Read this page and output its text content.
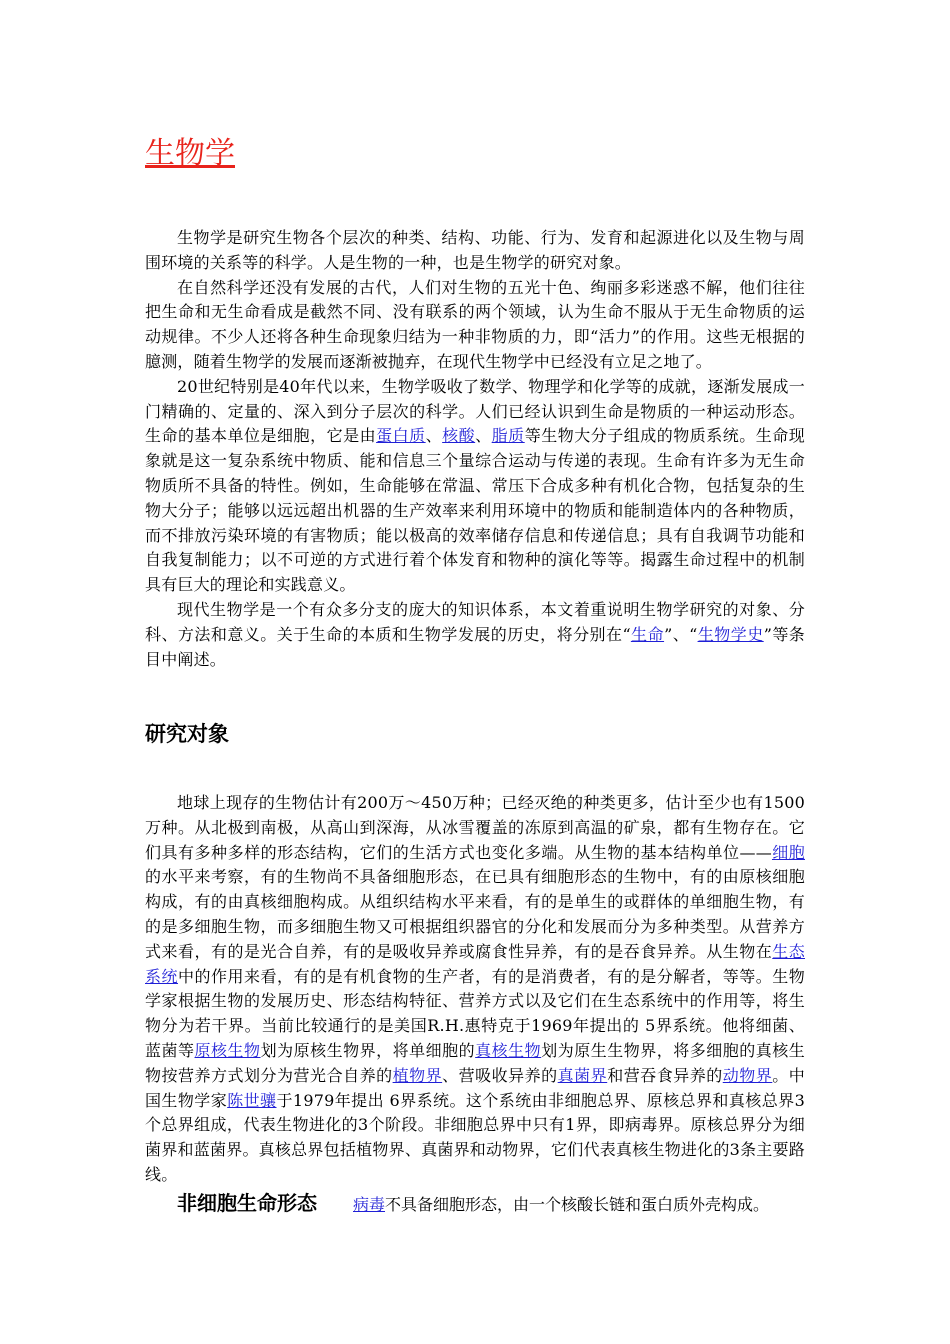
生物学

生物学是研究生物各个层次的种类、结构、功能、行为、发育和起源进化以及生物与周围环境的关系等的科学。人是生物的一种，也是生物学的研究对象。

在自然科学还没有发展的古代，人们对生物的五光十色、绚丽多彩迷惑不解，他们往往把生命和无生命看成是截然不同、没有联系的两个领域，认为生命不服从于无生命物质的运动规律。不少人还将各种生命现象归结为一种非物质的力，即“活力”的作用。这些无根据的臆测，随着生物学的发展而逐渐被抛弃，在现代生物学中已经没有立足之地了。

20世纪特别是40年代以来，生物学吸收了数学、物理学和化学等的成就，逐渐发展成一门精确的、定量的、深入到分子层次的科学。人们已经认识到生命是物质的一种运动形态。生命的基本单位是细胞，它是由蛋白质、核酸、脂质等生物大分子组成的物质系统。生命现象就是这一复杂系统中物质、能和信息三个量综合运动与传递的表现。生命有许多为无生命物质所不具备的特性。例如，生命能够在常温、常压下合成多种有机化合物，包括复杂的生物大分子；能够以远远超出机器的生产效率来利用环境中的物质和能制造体内的各种物质，而不排放污染环境的有害物质；能以极高的效率储存信息和传递信息；具有自我调节功能和自我复制能力；以不可逆的方式进行着个体发育和物种的演化等等。揭露生命过程中的机制具有巨大的理论和实践意义。

现代生物学是一个有众多分支的庞大的知识体系，本文着重说明生物学研究的对象、分科、方法和意义。关于生命的本质和生物学发展的历史，将分别在“生命”、“生物学史”等条目中阐述。

研究对象

地球上现存的生物估计有200万～450万种；已经灭绝的种类更多，估计至少也有1500万种。从北极到南极，从高山到深海，从冰雪覆盖的冻原到高温的矿泉，都有生物存在。它们具有多种多样的形态结构，它们的生活方式也变化多端。从生物的基本结构单位——细胞的水平来考察，有的生物尚不具备细胞形态，在已具有细胞形态的生物中，有的由原核细胞构成，有的由真核细胞构成。从组织结构水平来看，有的是单生的或群体的单细胞生物，有的是多细胞生物，而多细胞生物又可根据组织器官的分化和发展而分为多种类型。从营养方式来看，有的是光合自养，有的是吸收异养或腐食性异养，有的是吞食异养。从生物在生态系统中的作用来看，有的是有机食物的生产者，有的是消费者，有的是分解者，等等。生物学家根据生物的发展历史、形态结构特征、营养方式以及它们在生态系统中的作用等，将生物分为若干界。当前比较通行的是美国R.H.惠特克于1969年提出的 5界系统。他将细菌、蓝菌等原核生物划为原核生物界，将单细胞的真核生物划为原生生物界，将多细胞的真核生物按营养方式划分为营光合自养的植物界、营吸收异养的真菌界和营吞食异养的动物界。中国生物学家陈世骧于1979年提出 6界系统。这个系统由非细胞总界、原核总界和真核总界3个总界组成，代表生物进化的3个阶段。非细胞总界中只有1界，即病毒界。原核总界分为细菌界和蓝菌界。真核总界包括植物界、真菌界和动物界，它们代表真核生物进化的3条主要路线。

非细胞生命形态 病毒不具备细胞形态，由一个核酸长链和蛋白质外壳构成。
